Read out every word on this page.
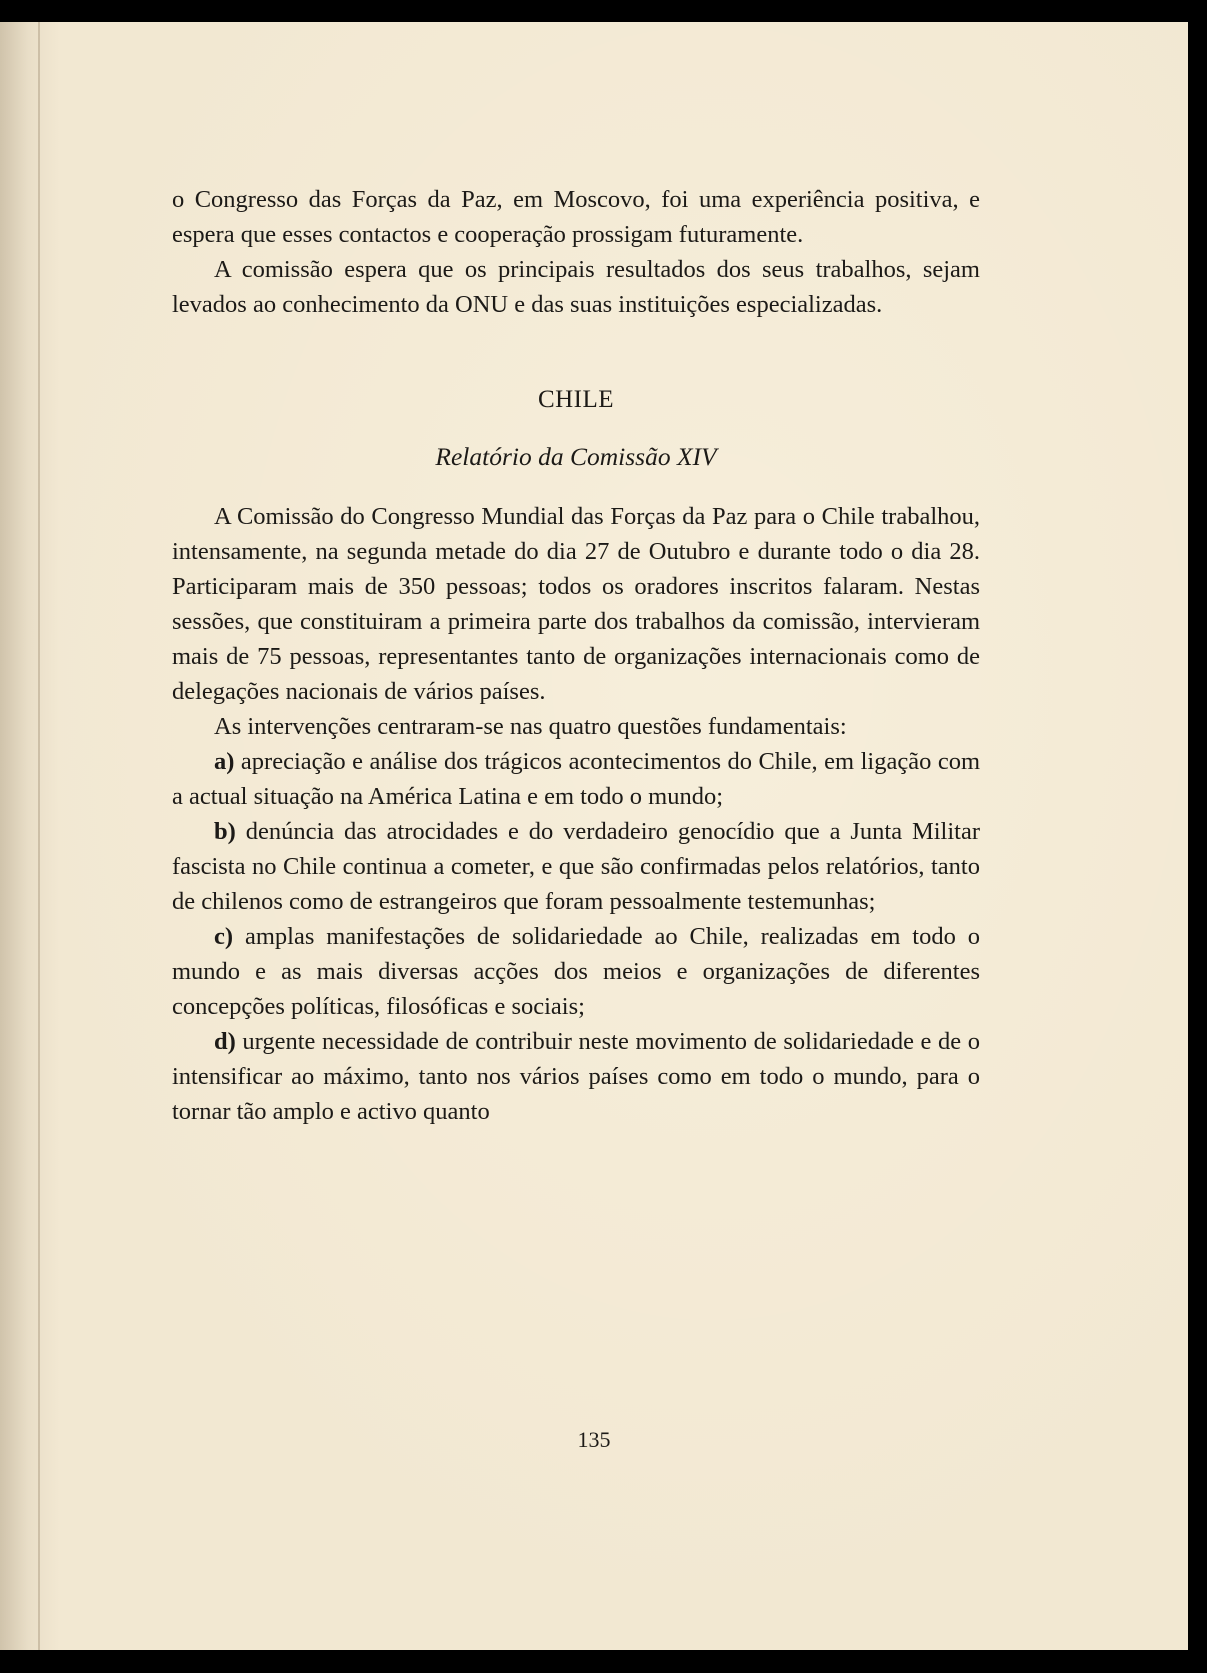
o Congresso das Forças da Paz, em Moscovo, foi uma experiência positiva, e espera que esses contactos e cooperação prossigam futuramente.

A comissão espera que os principais resultados dos seus trabalhos, sejam levados ao conhecimento da ONU e das suas instituições especializadas.

CHILE

Relatório da Comissão XIV

A Comissão do Congresso Mundial das Forças da Paz para o Chile trabalhou, intensamente, na segunda metade do dia 27 de Outubro e durante todo o dia 28. Participaram mais de 350 pessoas; todos os oradores inscritos falaram. Nestas sessões, que constituiram a primeira parte dos trabalhos da comissão, intervieram mais de 75 pessoas, representantes tanto de organizações internacionais como de delegações nacionais de vários países.

As intervenções centraram-se nas quatro questões fundamentais:

a) apreciação e análise dos trágicos acontecimentos do Chile, em ligação com a actual situação na América Latina e em todo o mundo;

b) denúncia das atrocidades e do verdadeiro genocídio que a Junta Militar fascista no Chile continua a cometer, e que são confirmadas pelos relatórios, tanto de chilenos como de estrangeiros que foram pessoalmente testemunhas;

c) amplas manifestações de solidariedade ao Chile, realizadas em todo o mundo e as mais diversas acções dos meios e organizações de diferentes concepções políticas, filosóficas e sociais;

d) urgente necessidade de contribuir neste movimento de solidariedade e de o intensificar ao máximo, tanto nos vários países como em todo o mundo, para o tornar tão amplo e activo quanto

135
